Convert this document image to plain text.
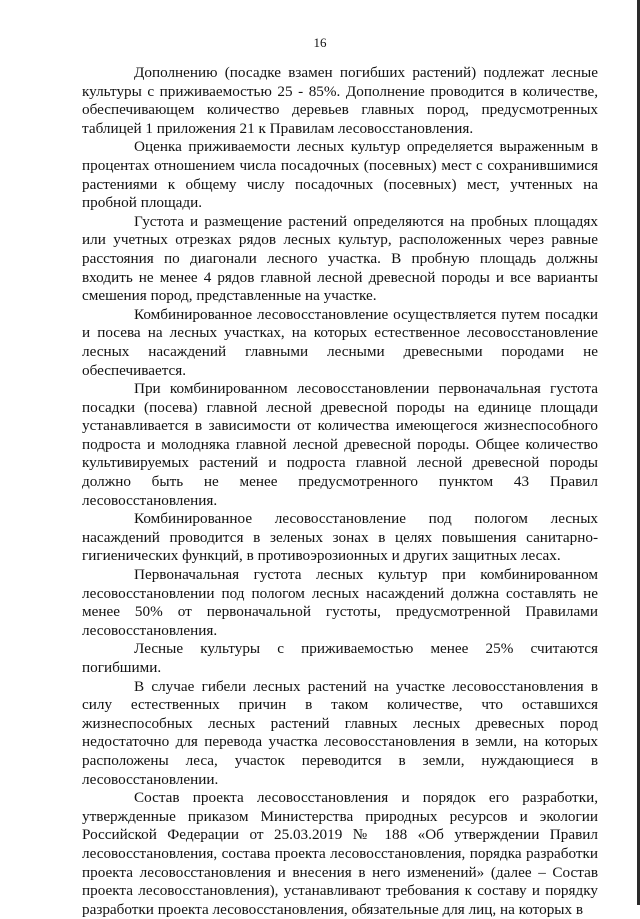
16

Дополнению (посадке взамен погибших растений) подлежат лесные культуры с приживаемостью 25 - 85%. Дополнение проводится в количестве, обеспечивающем количество деревьев главных пород, предусмотренных таблицей 1 приложения 21 к Правилам лесовосстановления.

Оценка приживаемости лесных культур определяется выраженным в процентах отношением числа посадочных (посевных) мест с сохранившимися растениями к общему числу посадочных (посевных) мест, учтенных на пробной площади.

Густота и размещение растений определяются на пробных площадях или учетных отрезках рядов лесных культур, расположенных через равные расстояния по диагонали лесного участка. В пробную площадь должны входить не менее 4 рядов главной лесной древесной породы и все варианты смешения пород, представленные на участке.

Комбинированное лесовосстановление осуществляется путем посадки и посева на лесных участках, на которых естественное лесовосстановление лесных насаждений главными лесными древесными породами не обеспечивается.

При комбинированном лесовосстановлении первоначальная густота посадки (посева) главной лесной древесной породы на единице площади устанавливается в зависимости от количества имеющегося жизнеспособного подроста и молодняка главной лесной древесной породы. Общее количество культивируемых растений и подроста главной лесной древесной породы должно быть не менее предусмотренного пунктом 43 Правил лесовосстановления.

Комбинированное лесовосстановление под пологом лесных насаждений проводится в зеленых зонах в целях повышения санитарно-гигиенических функций, в противоэрозионных и других защитных лесах.

Первоначальная густота лесных культур при комбинированном лесовосстановлении под пологом лесных насаждений должна составлять не менее 50% от первоначальной густоты, предусмотренной Правилами лесовосстановления.

Лесные культуры с приживаемостью менее 25% считаются погибшими.

В случае гибели лесных растений на участке лесовосстановления в силу естественных причин в таком количестве, что оставшихся жизнеспособных лесных растений главных лесных древесных пород недостаточно для перевода участка лесовосстановления в земли, на которых расположены леса, участок переводится в земли, нуждающиеся в лесовосстановлении.

Состав проекта лесовосстановления и порядок его разработки, утвержденные приказом Министерства природных ресурсов и экологии Российской Федерации от 25.03.2019 № 188 «Об утверждении Правил лесовосстановления, состава проекта лесовосстановления, порядка разработки проекта лесовосстановления и внесения в него изменений» (далее – Состав проекта лесовосстановления), устанавливают требования к составу и порядку разработки проекта лесовосстановления, обязательные для лиц, на которых в
